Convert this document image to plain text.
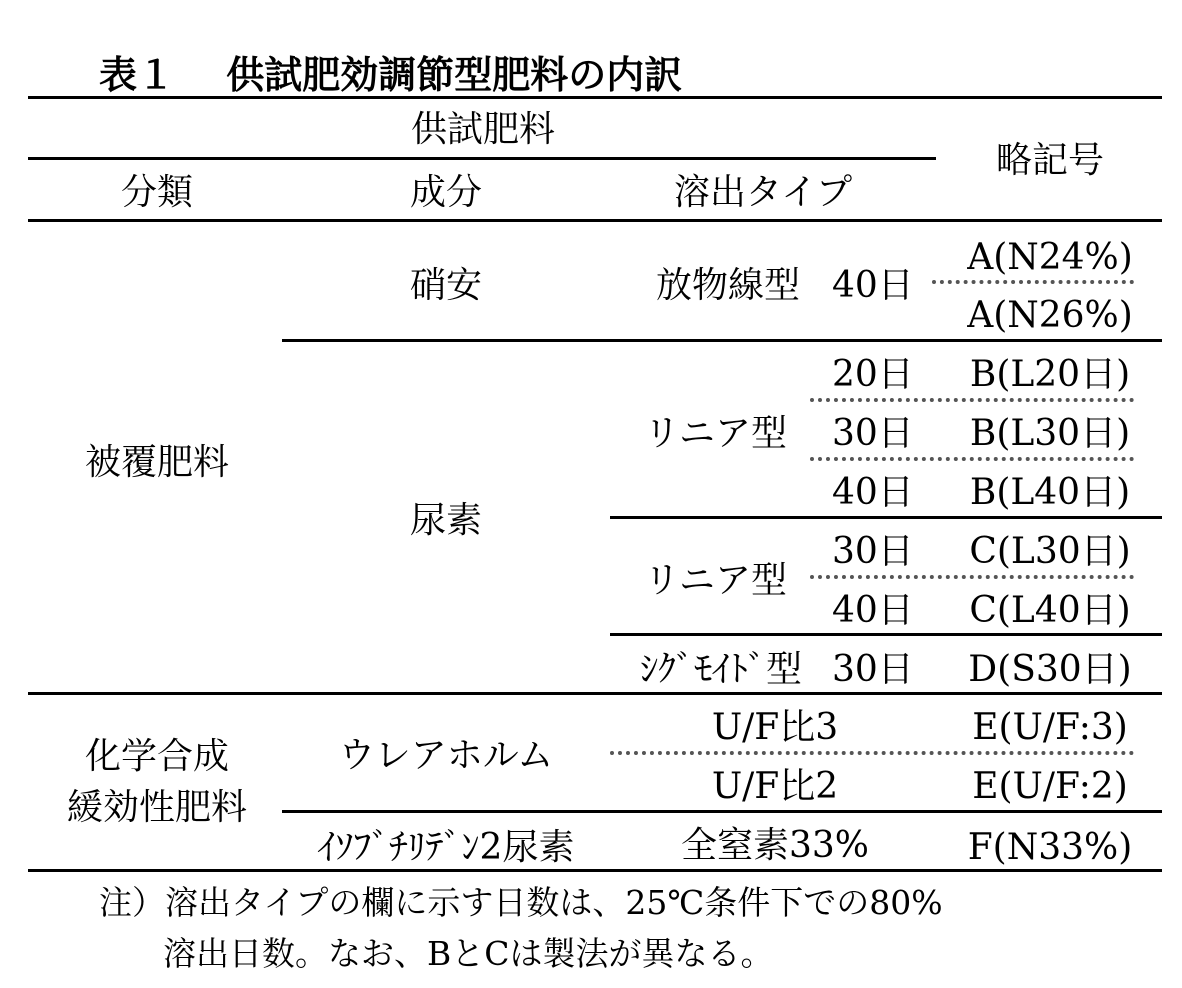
表１　 供試肥効調節型肥料の内訳
供試肥料
分類	成分	溶出タイプ
略記号
被覆肥料
化学合成
緩効性肥料
硝安
尿素
ウレアホルム
ｲｿﾌﾞﾁﾘﾃﾞﾝ2尿素
放物線型
リニア型
リニア型
ｼｸﾞﾓｲﾄﾞ型
40日
20日
30日
40日
30日
40日
30日
U/F比3
U/F比2
全窒素33%
A(N24%)
A(N26%)
B(L20日)
B(L30日)
B(L40日)
C(L30日)
C(L40日)
D(S30日)
E(U/F:3)
E(U/F:2)
F(N33%)
注）溶出タイプの欄に示す日数は、25℃条件下での80%
溶出日数。なお、BとCは製法が異なる。
